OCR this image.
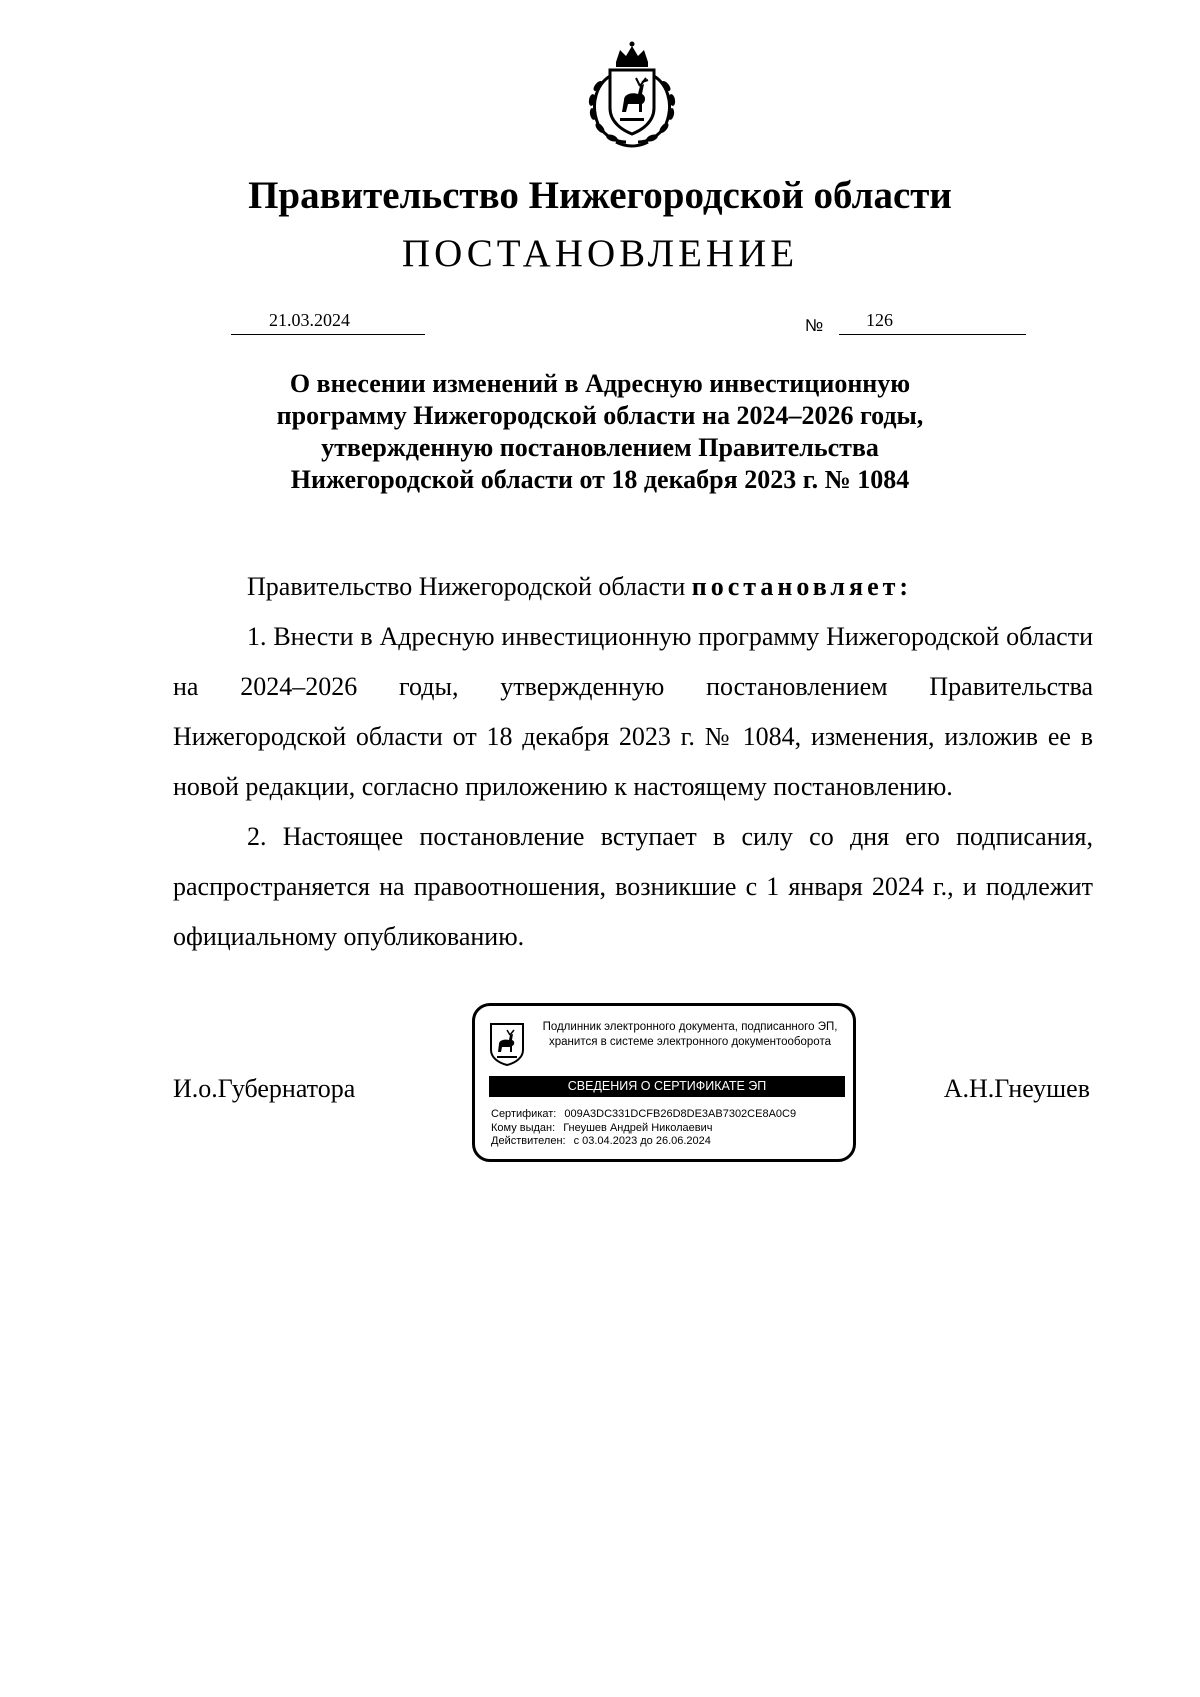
Правительство Нижегородской области
ПОСТАНОВЛЕНИЕ
21.03.2024	№ 126
О внесении изменений в Адресную инвестиционную
программу Нижегородской области на 2024–2026 годы,
утвержденную постановлением Правительства
Нижегородской области от 18 декабря 2023 г. № 1084

Правительство Нижегородской области постановляет:

1. Внести в Адресную инвестиционную программу Нижегородской области на 2024–2026 годы, утвержденную постановлением Правительства Нижегородской области от 18 декабря 2023 г. № 1084, изменения, изложив ее в новой редакции, согласно приложению к настоящему постановлению.

2. Настоящее постановление вступает в силу со дня его подписания, распространяется на правоотношения, возникшие с 1 января 2024 г., и подлежит официальному опубликованию.

И.о.Губернатора
Подлинник электронного документа, подписанного ЭП,
хранится в системе электронного документооборота
СВЕДЕНИЯ О СЕРТИФИКАТЕ ЭП
Сертификат: 009A3DC331DCFB26D8DE3AB7302CE8A0C9
Кому выдан: Гнеушев Андрей Николаевич
Действителен: с 03.04.2023 до 26.06.2024
А.Н.Гнеушев
